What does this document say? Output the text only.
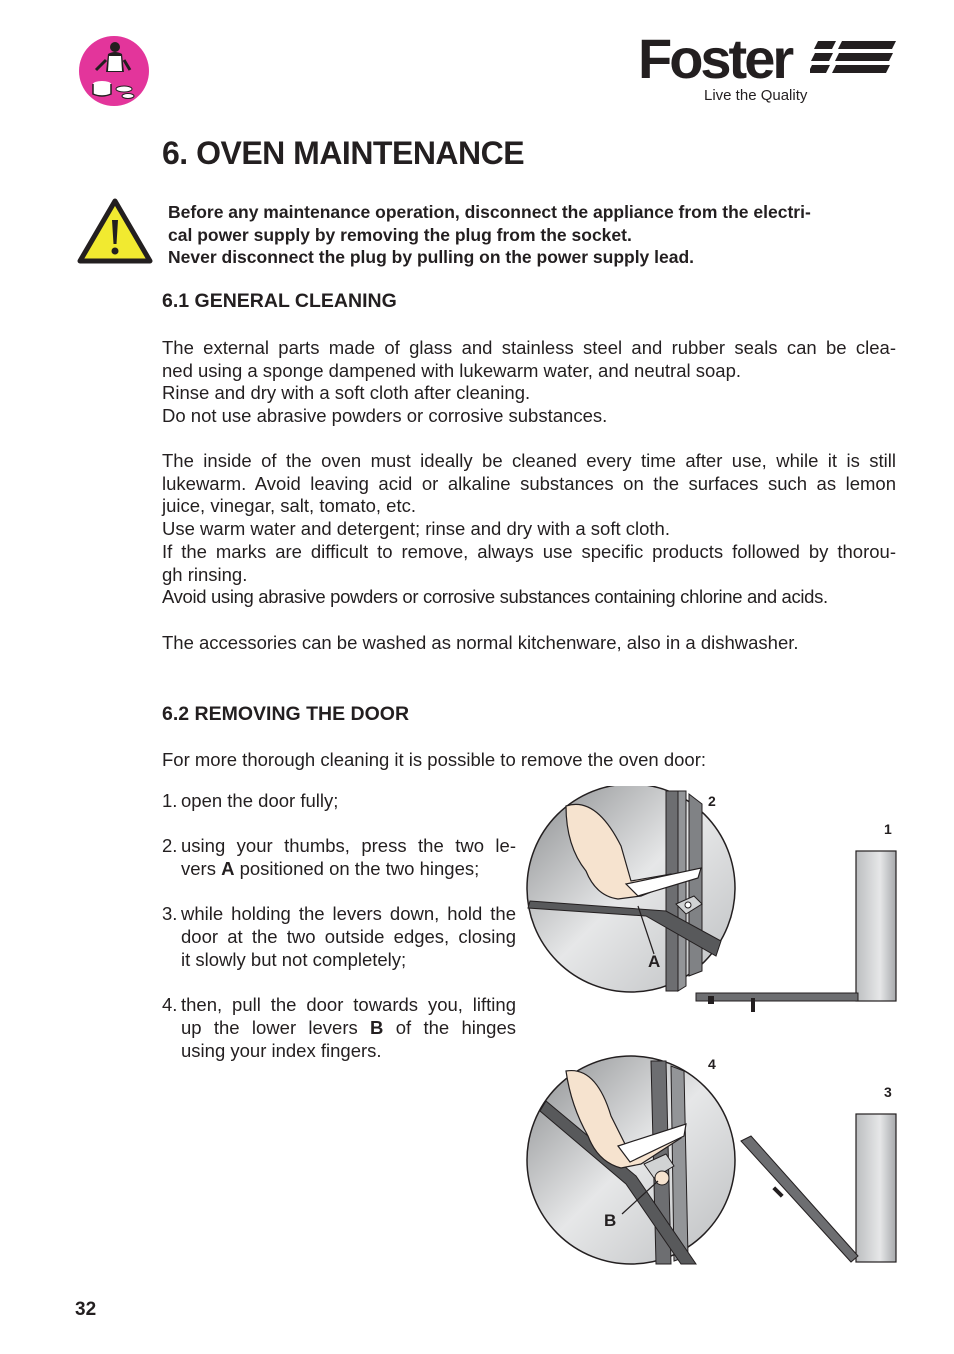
Foster
Live the Quality
6. OVEN MAINTENANCE
Before any maintenance operation, disconnect the appliance from the electri-
cal power supply by removing the plug from the socket.
Never disconnect the plug by pulling on the power supply lead.
6.1 GENERAL CLEANING
The external parts made of glass and stainless steel and rubber seals can be clea-
ned using a sponge dampened with lukewarm water, and neutral soap.
Rinse and dry with a soft cloth after cleaning.
Do not use abrasive powders or corrosive substances.
The inside of the oven must ideally be cleaned every time after use, while it is still
lukewarm. Avoid leaving acid or alkaline substances on the surfaces such as lemon
juice, vinegar, salt, tomato, etc.
Use warm water and detergent; rinse and dry with a soft cloth.
If the marks are difficult to remove, always use specific products followed by thorou-
gh rinsing.
Avoid using abrasive powders or corrosive substances containing chlorine and acids.
The accessories can be washed as normal kitchenware, also in a dishwasher.
6.2 REMOVING THE DOOR
For more thorough cleaning it is possible to remove the oven door:
1. open the door fully;
2. using your thumbs, press the two le-
vers A positioned on the two hinges;
3. while holding the levers down, hold the
door at the two outside edges, closing
it slowly but not completely;
4. then, pull the door towards you, lifting
up the lower levers B of the hinges
using your index fingers.
2
1
A
4
3
B
32
